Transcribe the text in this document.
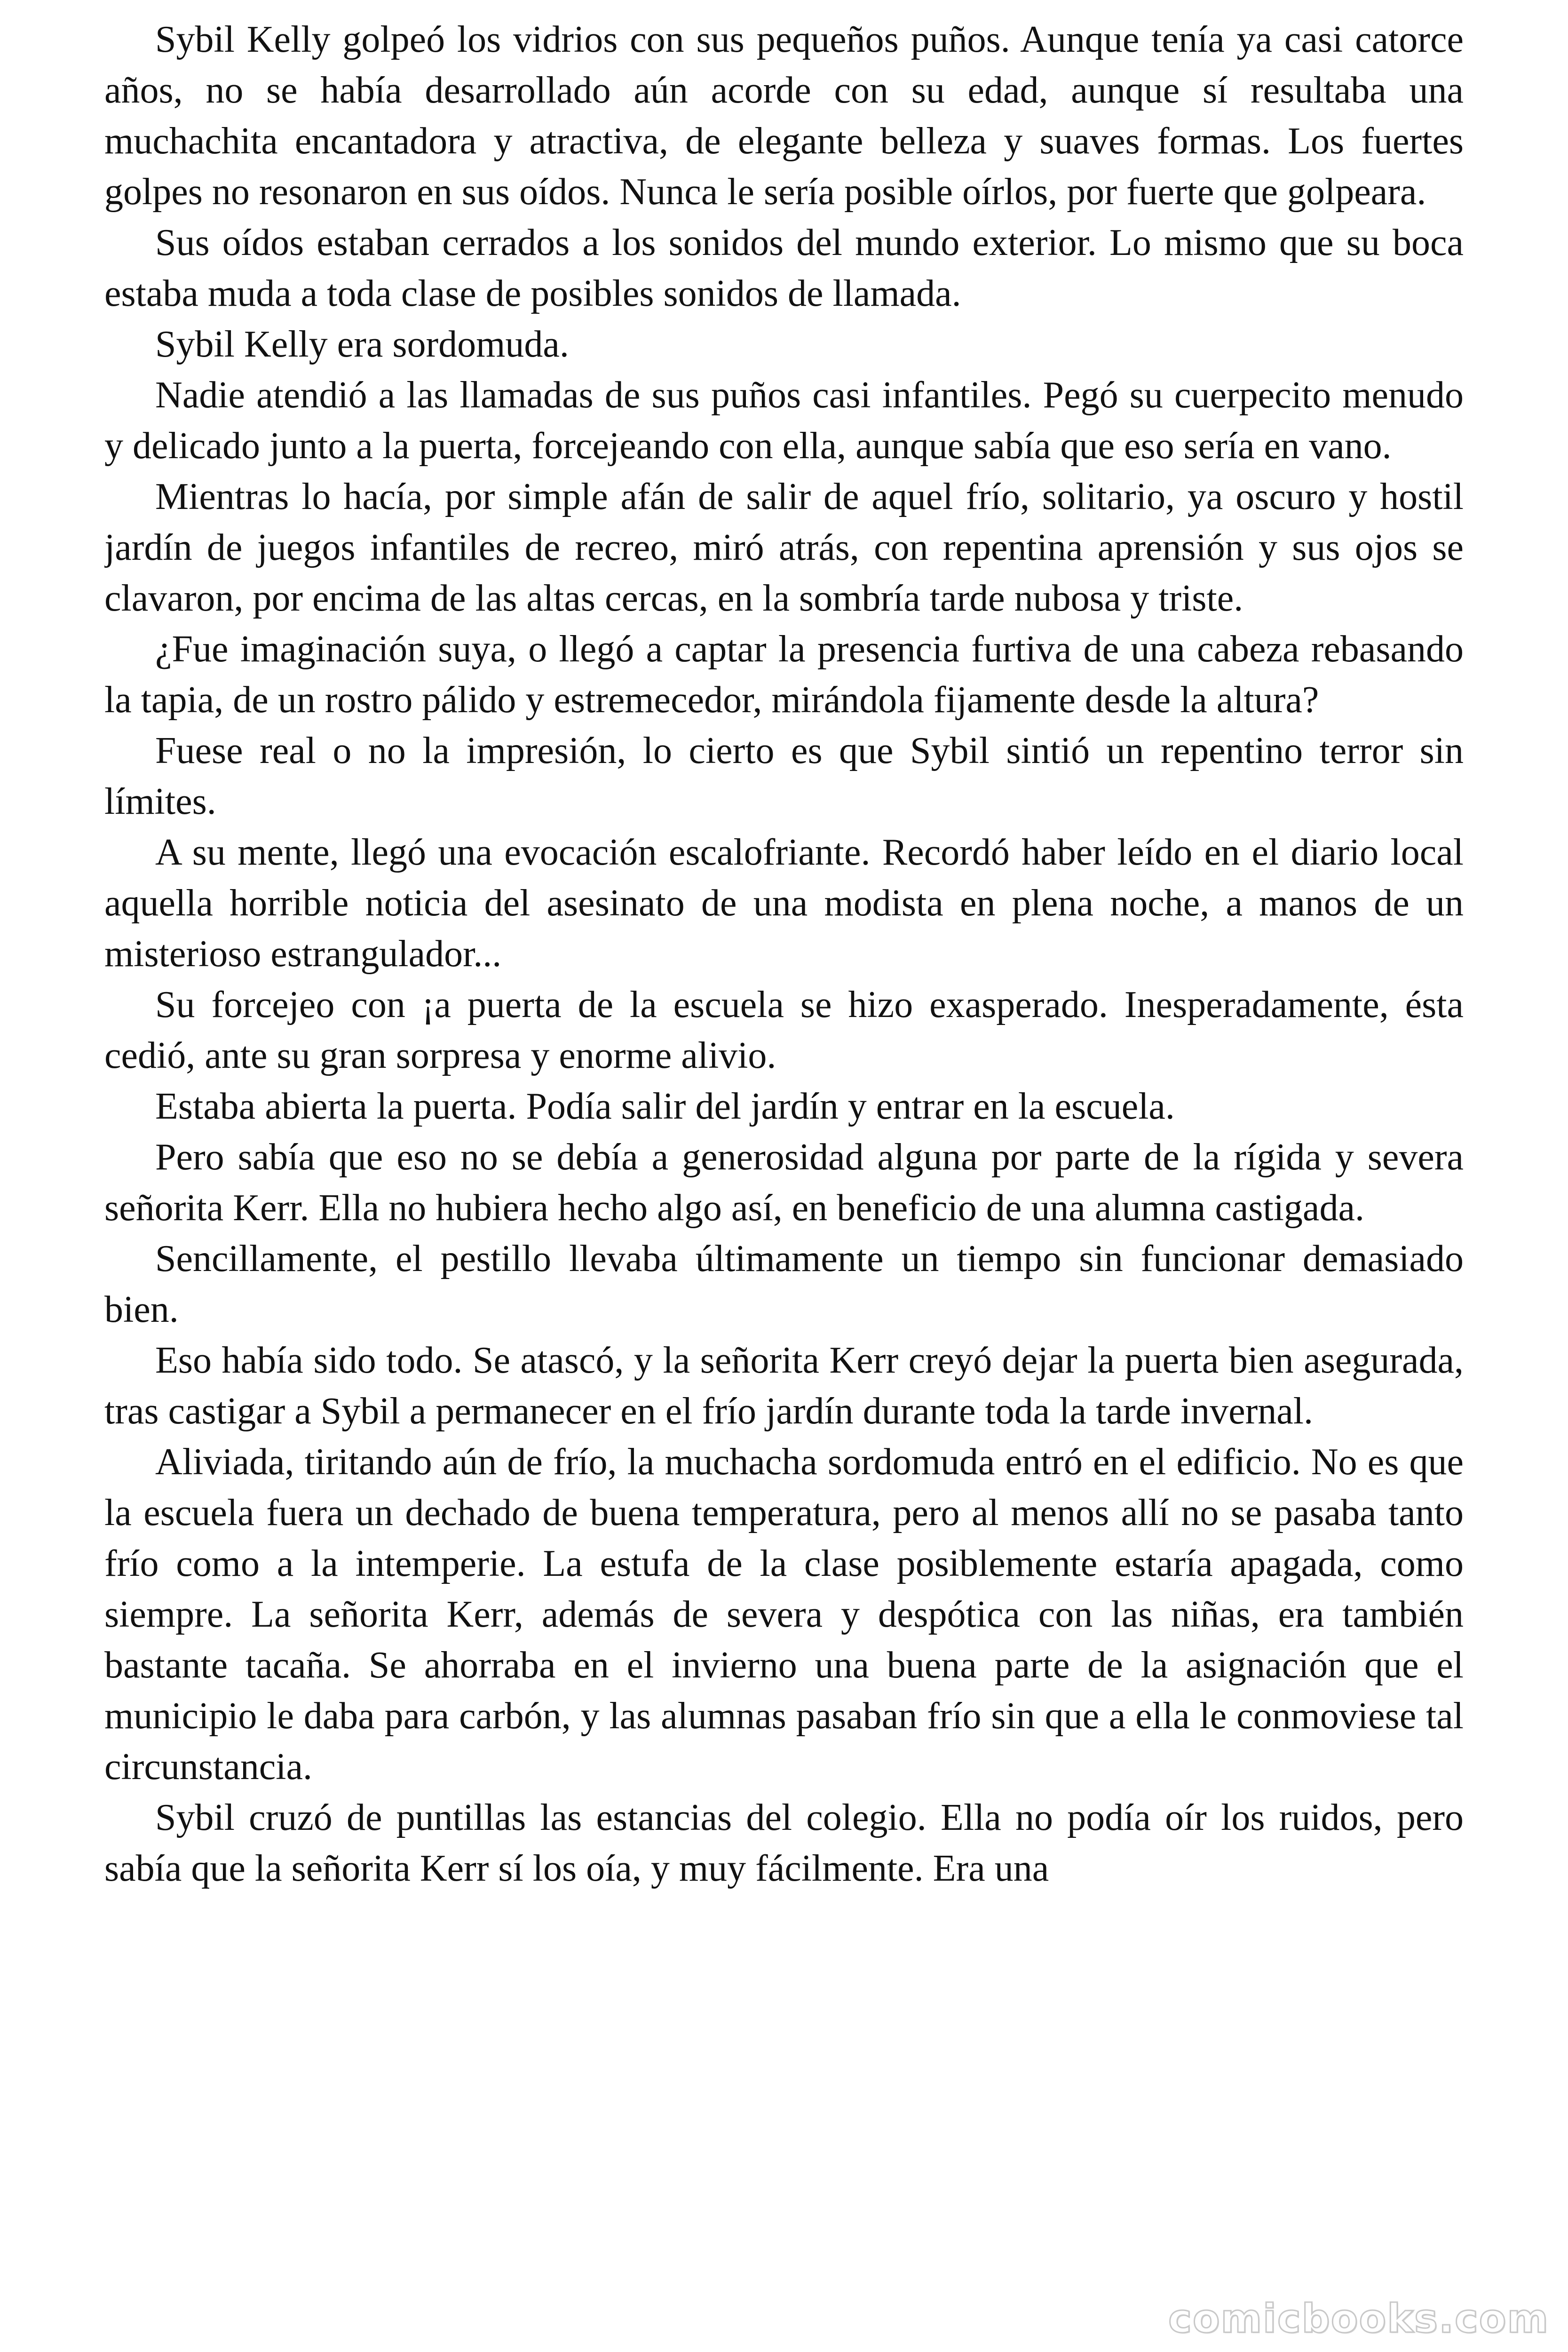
Sybil Kelly golpeó los vidrios con sus pequeños puños. Aunque tenía ya casi catorce años, no se había desarrollado aún acorde con su edad, aunque sí resultaba una muchachita encantadora y atractiva, de elegante belleza y suaves formas. Los fuertes golpes no resonaron en sus oídos. Nunca le sería posible oírlos, por fuerte que golpeara.

Sus oídos estaban cerrados a los sonidos del mundo exterior. Lo mismo que su boca estaba muda a toda clase de posibles sonidos de llamada.

Sybil Kelly era sordomuda.

Nadie atendió a las llamadas de sus puños casi infantiles. Pegó su cuerpecito menudo y delicado junto a la puerta, forcejeando con ella, aunque sabía que eso sería en vano.

Mientras lo hacía, por simple afán de salir de aquel frío, solitario, ya oscuro y hostil jardín de juegos infantiles de recreo, miró atrás, con repentina aprensión y sus ojos se clavaron, por encima de las altas cercas, en la sombría tarde nubosa y triste.

¿Fue imaginación suya, o llegó a captar la presencia furtiva de una cabeza rebasando la tapia, de un rostro pálido y estremecedor, mirándola fijamente desde la altura?

Fuese real o no la impresión, lo cierto es que Sybil sintió un repentino terror sin límites.

A su mente, llegó una evocación escalofriante. Recordó haber leído en el diario local aquella horrible noticia del asesinato de una modista en plena noche, a manos de un misterioso estrangulador...

Su forcejeo con ¡a puerta de la escuela se hizo exasperado. Inesperadamente, ésta cedió, ante su gran sorpresa y enorme alivio.

Estaba abierta la puerta. Podía salir del jardín y entrar en la escuela.

Pero sabía que eso no se debía a generosidad alguna por parte de la rígida y severa señorita Kerr. Ella no hubiera hecho algo así, en beneficio de una alumna castigada.

Sencillamente, el pestillo llevaba últimamente un tiempo sin funcionar demasiado bien.

Eso había sido todo. Se atascó, y la señorita Kerr creyó dejar la puerta bien asegurada, tras castigar a Sybil a permanecer en el frío jardín durante toda la tarde invernal.

Aliviada, tiritando aún de frío, la muchacha sordomuda entró en el edificio. No es que la escuela fuera un dechado de buena temperatura, pero al menos allí no se pasaba tanto frío como a la intemperie. La estufa de la clase posiblemente estaría apagada, como siempre. La señorita Kerr, además de severa y despótica con las niñas, era también bastante tacaña. Se ahorraba en el invierno una buena parte de la asignación que el municipio le daba para carbón, y las alumnas pasaban frío sin que a ella le conmoviese tal circunstancia.

Sybil cruzó de puntillas las estancias del colegio. Ella no podía oír los ruidos, pero sabía que la señorita Kerr sí los oía, y muy fácilmente. Era una

comicbooks.com
